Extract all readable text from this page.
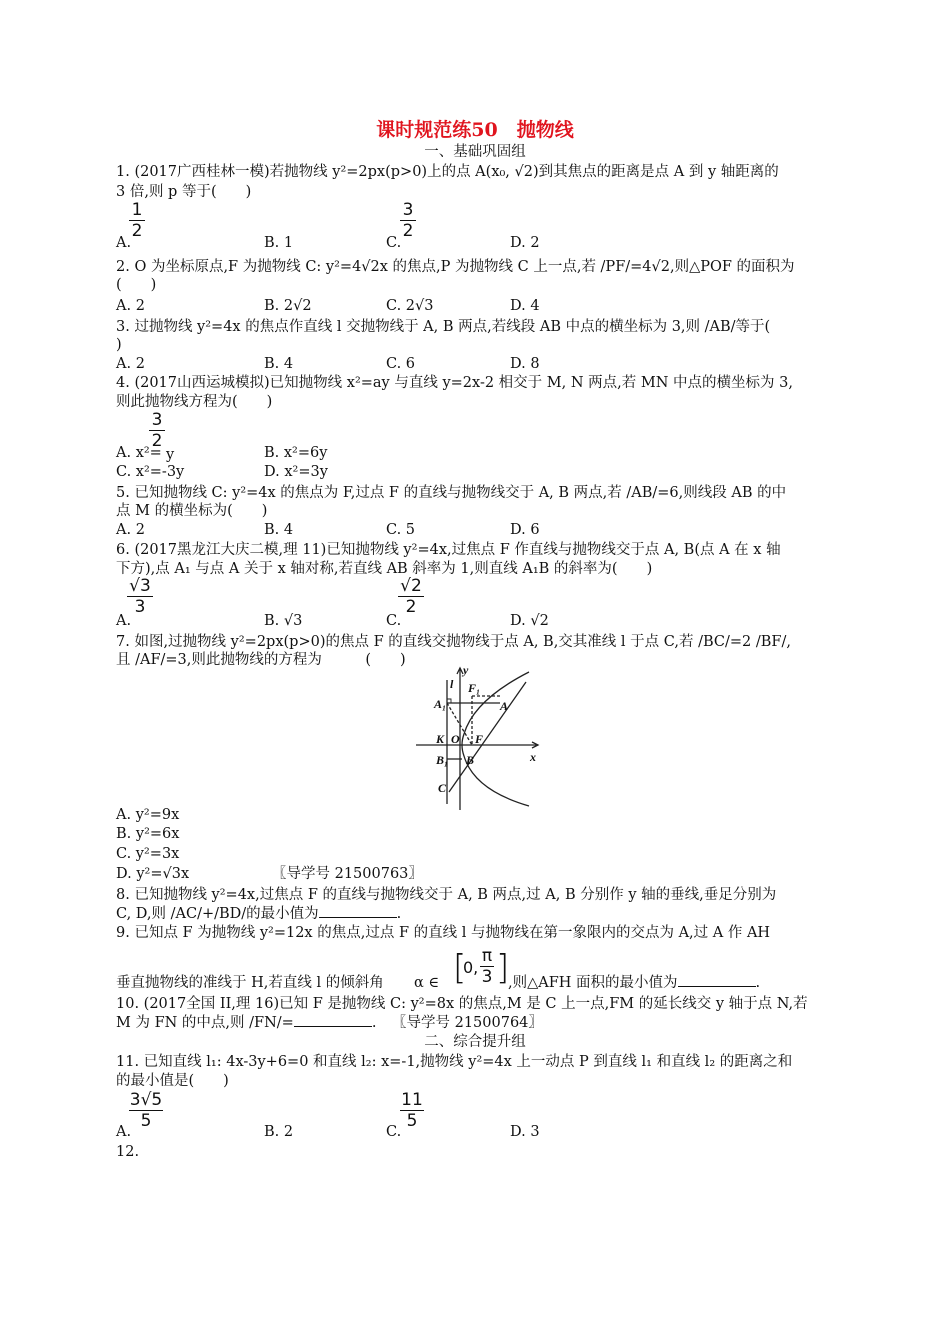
课时规范练50　抛物线
一、基础巩固组
1. (2017广西桂林一模)若抛物线 y²=2px(p>0)上的点 A(x₀, √2)到其焦点的距离是点 A 到 y 轴距离的
3 倍,则 p 等于(　　)
1
2
3
2
A.	B. 1	C.	D. 2
2. O 为坐标原点,F 为抛物线 C: y²=4√2x 的焦点,P 为抛物线 C 上一点,若 /PF/=4√2,则△POF 的面积为
(　　)
A. 2	B. 2√2	C. 2√3	D. 4
3. 过抛物线 y²=4x 的焦点作直线 l 交抛物线于 A, B 两点,若线段 AB 中点的横坐标为 3,则 /AB/等于(
)
A. 2	B. 4	C. 6	D. 8
4. (2017山西运城模拟)已知抛物线 x²=ay 与直线 y=2x-2 相交于 M, N 两点,若 MN 中点的横坐标为 3,
则此抛物线方程为(　　)
3
2
A. x²= y	B. x²=6y
C. x²=-3y	D. x²=3y
5. 已知抛物线 C: y²=4x 的焦点为 F,过点 F 的直线与抛物线交于 A, B 两点,若 /AB/=6,则线段 AB 的中
点 M 的横坐标为(　　)
A. 2	B. 4	C. 5	D. 6
6. (2017黑龙江大庆二模,理 11)已知抛物线 y²=4x,过焦点 F 作直线与抛物线交于点 A, B(点 A 在 x 轴
下方),点 A₁ 与点 A 关于 x 轴对称,若直线 AB 斜率为 1,则直线 A₁B 的斜率为(　　)
√3
3
√2
2
A.	B. √3	C.	D. √2
7. 如图,过抛物线 y²=2px(p>0)的焦点 F 的直线交抛物线于点 A, B,交其准线 l 于点 C,若 /BC/=2 /BF/,
且 /AF/=3,则此抛物线的方程为　　　(　　)
y
x
l F₁
A₁	A
K O F
B₁ B
C
A. y²=9x
B. y²=6x
C. y²=3x
D. y²=√3x	〖导学号 21500763〗
8. 已知抛物线 y²=4x,过焦点 F 的直线与抛物线交于 A, B 两点,过 A, B 分别作 y 轴的垂线,垂足分别为
C, D,则 /AC/+/BD/的最小值为	.
9. 已知点 F 为抛物线 y²=12x 的焦点,过点 F 的直线 l 与抛物线在第一象限内的交点为 A,过 A 作 AH
垂直抛物线的准线于 H,若直线 l 的倾斜角 α ∈ [
0,
π
3 ]
,则△AFH 面积的最小值为	.
10. (2017全国 II,理 16)已知 F 是抛物线 C: y²=8x 的焦点,M 是 C 上一点,FM 的延长线交 y 轴于点 N,若
M 为 FN 的中点,则 /FN/=	. 〖导学号 21500764〗
二、综合提升组
11. 已知直线 l₁: 4x-3y+6=0 和直线 l₂: x=-1,抛物线 y²=4x 上一动点 P 到直线 l₁ 和直线 l₂ 的距离之和
的最小值是(　　)
3√5
5
11
5
A.	B. 2	C.	D. 3
12.
